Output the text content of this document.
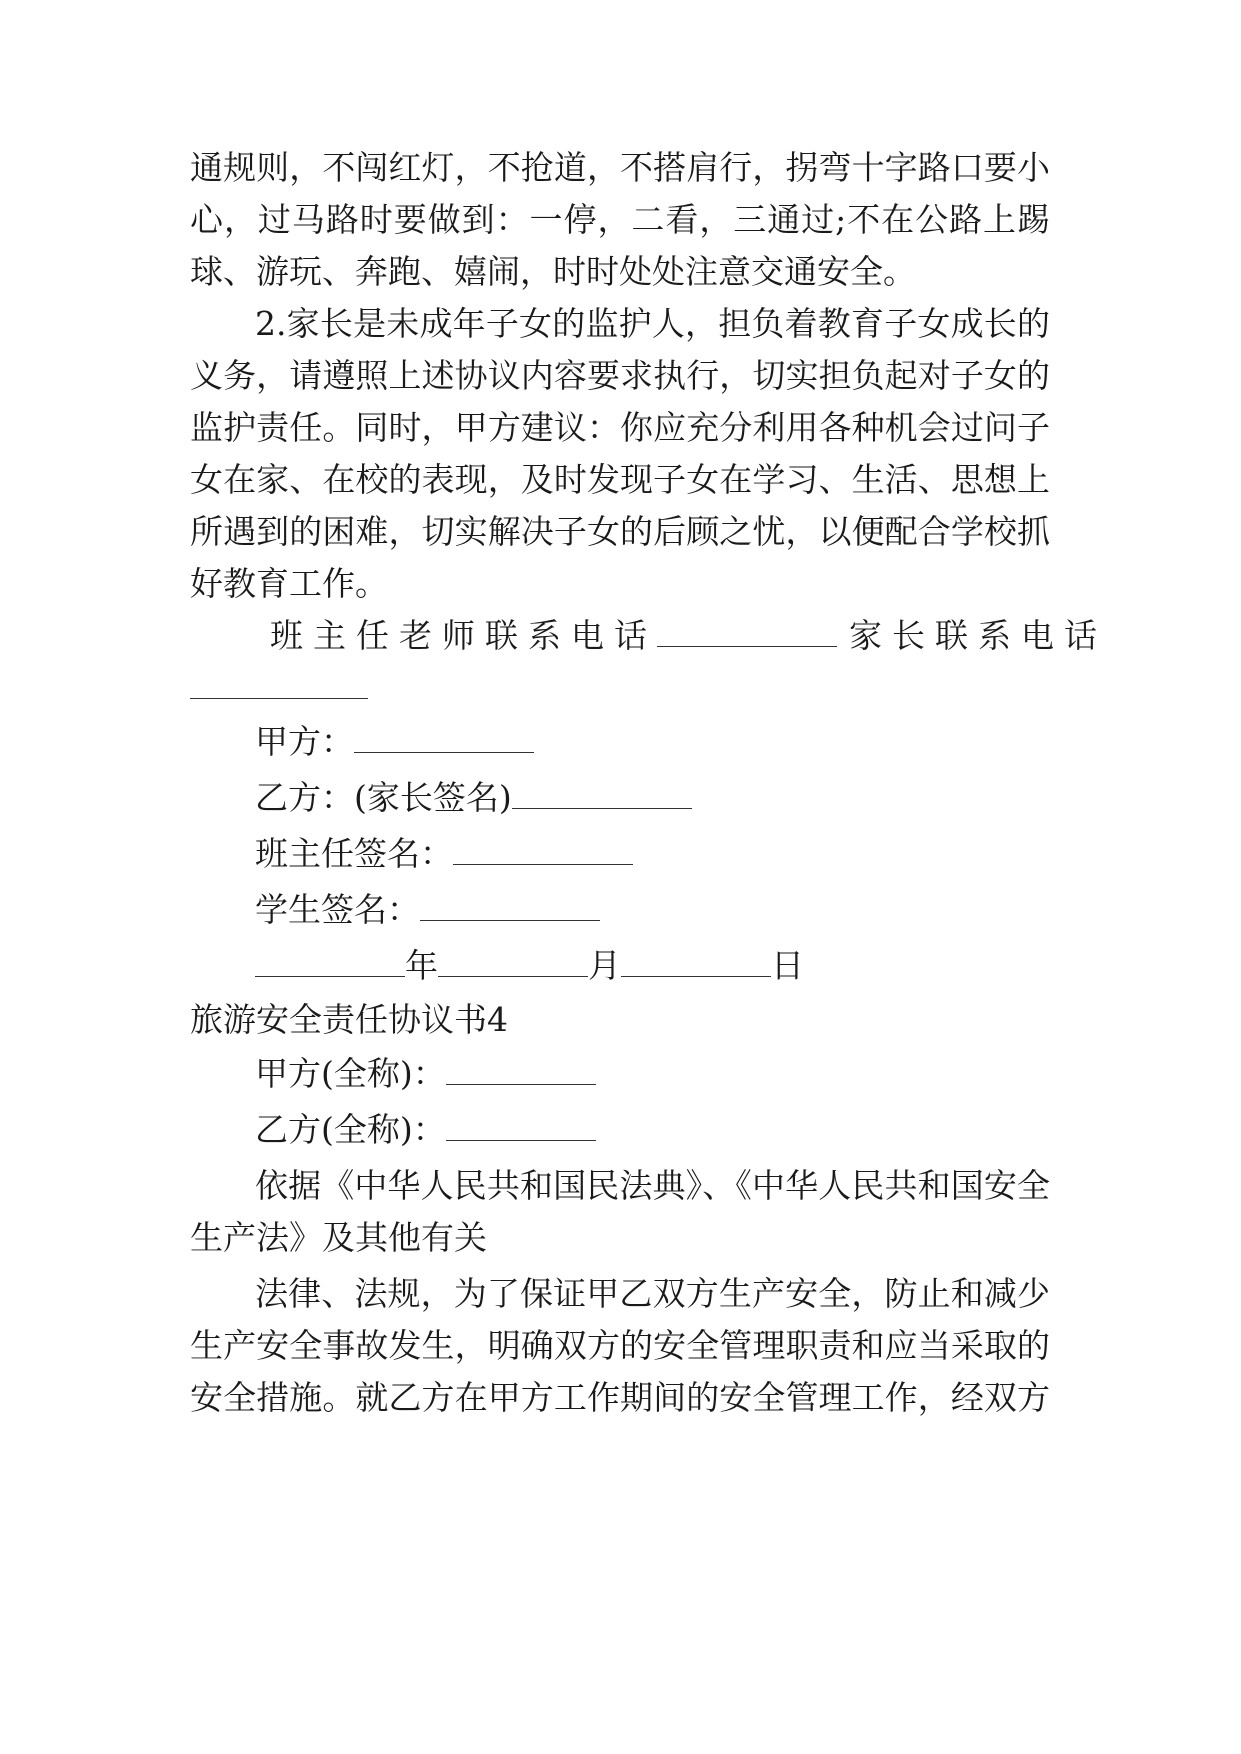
通规则，不闯红灯，不抢道，不搭肩行，拐弯十字路口要小
心，过马路时要做到：一停，二看，三通过;不在公路上踢
球、游玩、奔跑、嬉闹，时时处处注意交通安全。
2.家长是未成年子女的监护人，担负着教育子女成长的
义务，请遵照上述协议内容要求执行，切实担负起对子女的
监护责任。同时，甲方建议：你应充分利用各种机会过问子
女在家、在校的表现，及时发现子女在学习、生活、思想上
所遇到的困难，切实解决子女的后顾之忧，以便配合学校抓
好教育工作。
班主任老师联系电话	家长联系电话
甲方：
乙方：(家长签名)
班主任签名：
学生签名：
年	月	日
旅游安全责任协议书4
甲方(全称)：
乙方(全称)：
依据《中华人民共和国民法典》、《中华人民共和国安全
生产法》及其他有关
法律、法规，为了保证甲乙双方生产安全，防止和减少
生产安全事故发生，明确双方的安全管理职责和应当采取的
安全措施。就乙方在甲方工作期间的安全管理工作，经双方
